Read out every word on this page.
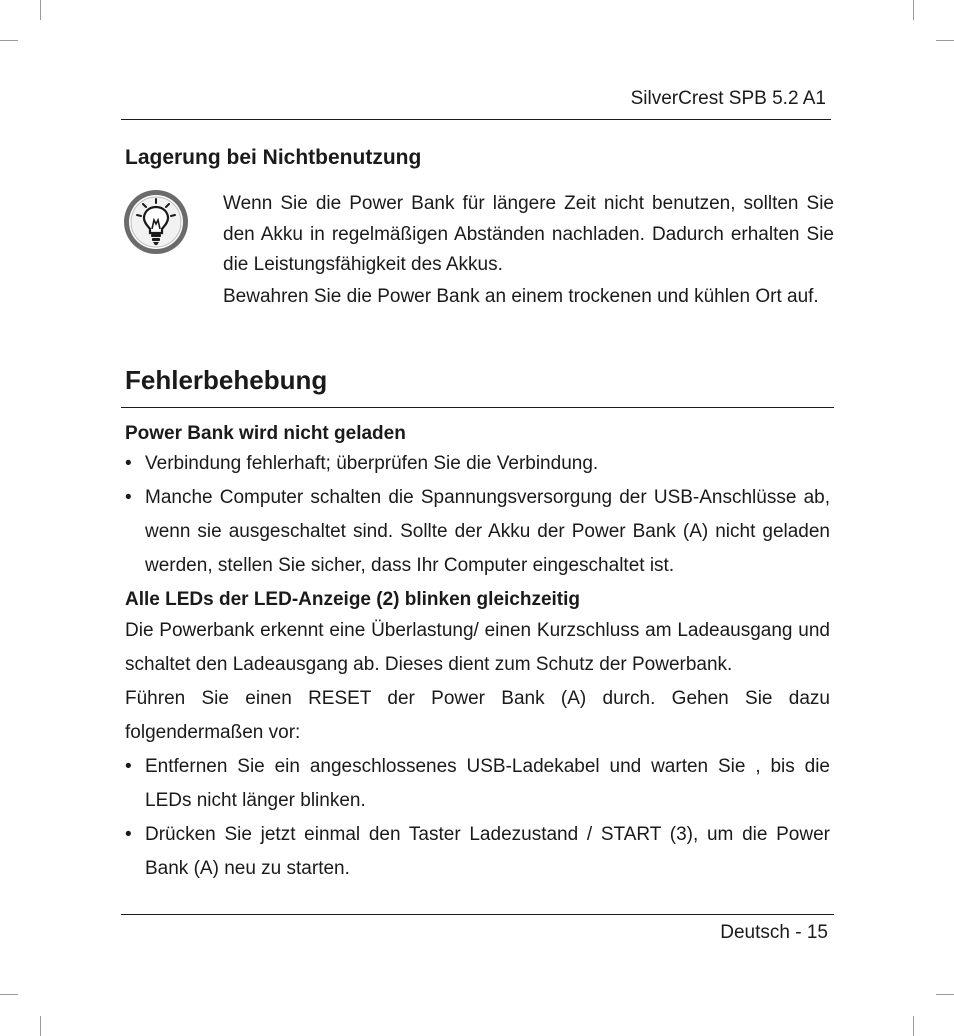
SilverCrest SPB 5.2 A1
Lagerung bei Nichtbenutzung
Wenn Sie die Power Bank für längere Zeit nicht benutzen, sollten Sie den Akku in regelmäßigen Abständen nachladen. Dadurch erhalten Sie die Leistungsfähigkeit des Akkus.
Bewahren Sie die Power Bank an einem trockenen und kühlen Ort auf.
Fehlerbehebung
Power Bank wird nicht geladen
• Verbindung fehlerhaft; überprüfen Sie die Verbindung.
• Manche Computer schalten die Spannungsversorgung der USB-Anschlüsse ab, wenn sie ausgeschaltet sind. Sollte der Akku der Power Bank (A) nicht geladen werden, stellen Sie sicher, dass Ihr Computer eingeschaltet ist.
Alle LEDs der LED-Anzeige (2) blinken gleichzeitig
Die Powerbank erkennt eine Überlastung/ einen Kurzschluss am Ladeausgang und schaltet den Ladeausgang ab. Dieses dient zum Schutz der Powerbank.
Führen Sie einen RESET der Power Bank (A) durch. Gehen Sie dazu folgendermaßen vor:
• Entfernen Sie ein angeschlossenes USB-Ladekabel und warten Sie , bis die LEDs nicht länger blinken.
• Drücken Sie jetzt einmal den Taster Ladezustand / START (3), um die Power Bank (A) neu zu starten.
Deutsch - 15
